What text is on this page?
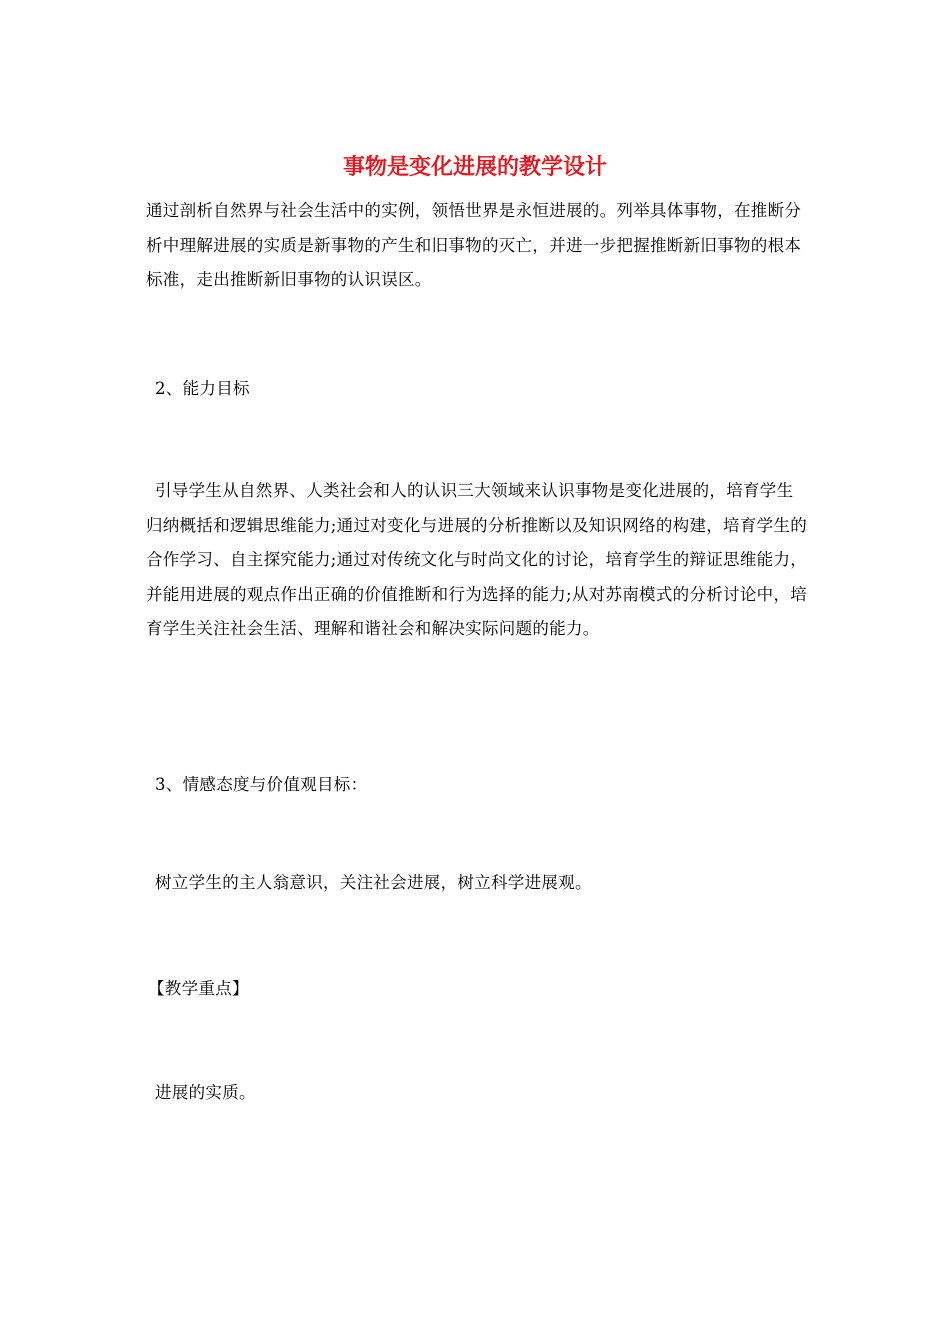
事物是变化进展的教学设计

通过剖析自然界与社会生活中的实例，领悟世界是永恒进展的。列举具体事物，在推断分析中理解进展的实质是新事物的产生和旧事物的灭亡，并进一步把握推断新旧事物的根本标准，走出推断新旧事物的认识误区。

2、能力目标

引导学生从自然界、人类社会和人的认识三大领域来认识事物是变化进展的，培育学生归纳概括和逻辑思维能力;通过对变化与进展的分析推断以及知识网络的构建，培育学生的合作学习、自主探究能力;通过对传统文化与时尚文化的讨论，培育学生的辩证思维能力，并能用进展的观点作出正确的价值推断和行为选择的能力;从对苏南模式的分析讨论中，培育学生关注社会生活、理解和谐社会和解决实际问题的能力。

3、情感态度与价值观目标：

树立学生的主人翁意识，关注社会进展，树立科学进展观。

【教学重点】

进展的实质。
